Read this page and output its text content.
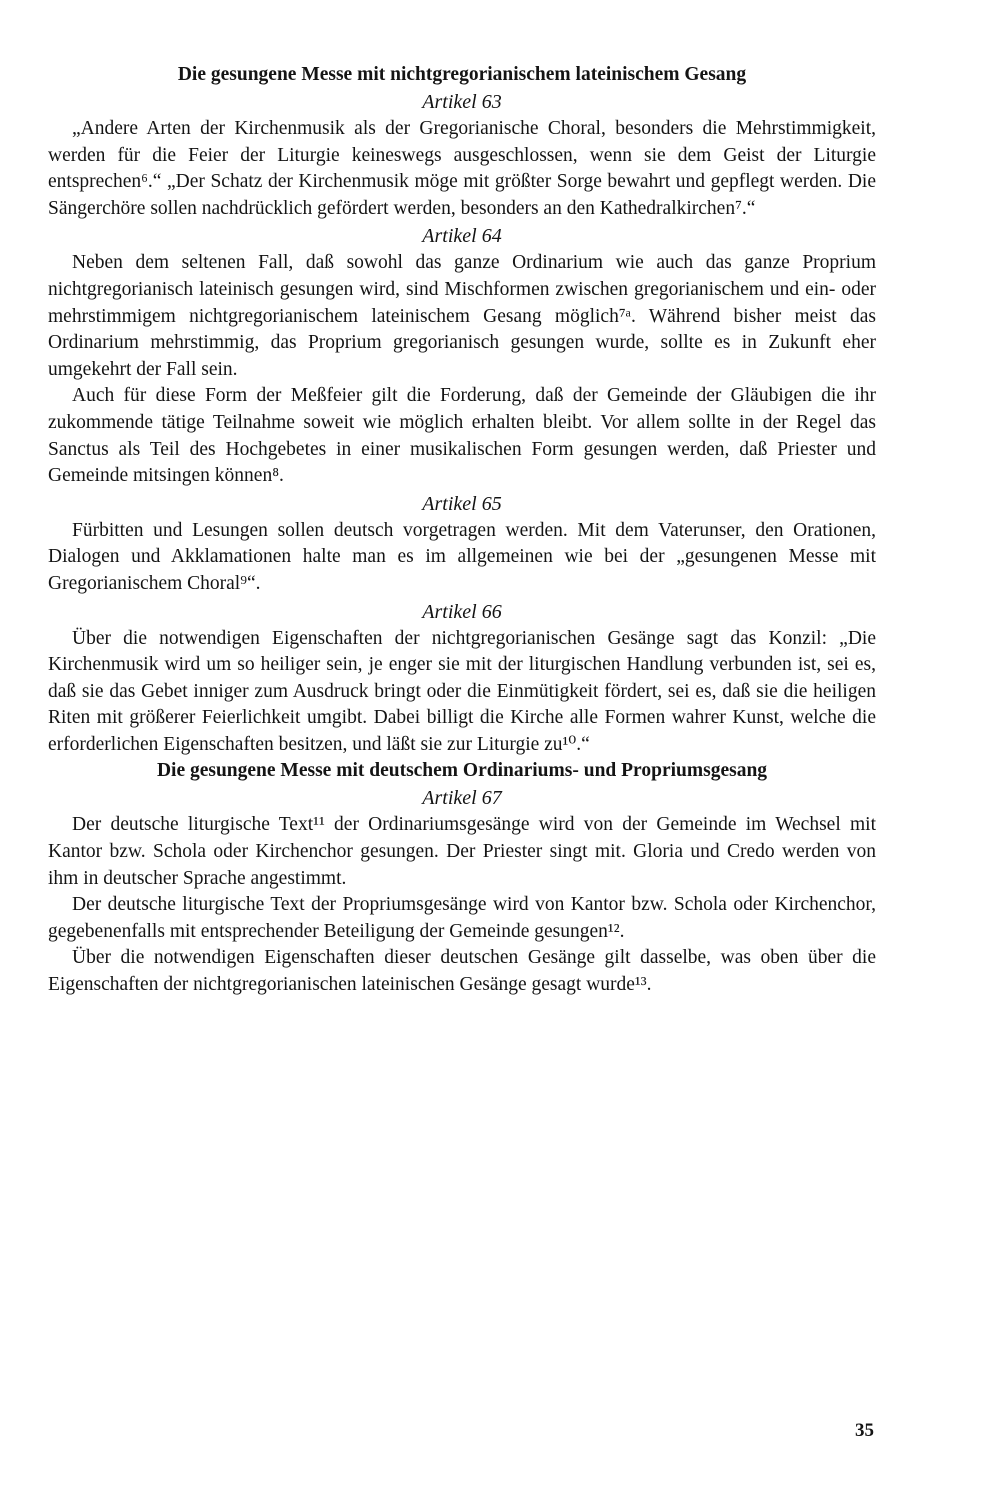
Die gesungene Messe mit nichtgregorianischem lateinischem Gesang
Artikel 63

„Andere Arten der Kirchenmusik als der Gregorianische Choral, besonders die Mehrstimmigkeit, werden für die Feier der Liturgie keineswegs ausgeschlossen, wenn sie dem Geist der Liturgie entsprechen⁶.“ „Der Schatz der Kirchenmusik möge mit größter Sorge bewahrt und gepflegt werden. Die Sängerchöre sollen nachdrücklich gefördert werden, besonders an den Kathedralkirchen⁷.“

Artikel 64

Neben dem seltenen Fall, daß sowohl das ganze Ordinarium wie auch das ganze Proprium nichtgregorianisch lateinisch gesungen wird, sind Mischformen zwischen gregorianischem und ein- oder mehrstimmigem nichtgregorianischem lateinischem Gesang möglich⁷ᵃ. Während bisher meist das Ordinarium mehrstimmig, das Proprium gregorianisch gesungen wurde, sollte es in Zukunft eher umgekehrt der Fall sein.

Auch für diese Form der Meßfeier gilt die Forderung, daß der Gemeinde der Gläubigen die ihr zukommende tätige Teilnahme soweit wie möglich erhalten bleibt. Vor allem sollte in der Regel das Sanctus als Teil des Hochgebetes in einer musikalischen Form gesungen werden, daß Priester und Gemeinde mitsingen können⁸.

Artikel 65

Fürbitten und Lesungen sollen deutsch vorgetragen werden. Mit dem Vaterunser, den Orationen, Dialogen und Akklamationen halte man es im allgemeinen wie bei der „gesungenen Messe mit Gregorianischem Choral⁹“.

Artikel 66

Über die notwendigen Eigenschaften der nichtgregorianischen Gesänge sagt das Konzil: „Die Kirchenmusik wird um so heiliger sein, je enger sie mit der liturgischen Handlung verbunden ist, sei es, daß sie das Gebet inniger zum Ausdruck bringt oder die Einmütigkeit fördert, sei es, daß sie die heiligen Riten mit größerer Feierlichkeit umgibt. Dabei billigt die Kirche alle Formen wahrer Kunst, welche die erforderlichen Eigenschaften besitzen, und läßt sie zur Liturgie zu¹⁰.“

Die gesungene Messe mit deutschem Ordinariums- und Propriumsgesang
Artikel 67

Der deutsche liturgische Text¹¹ der Ordinariumsgesänge wird von der Gemeinde im Wechsel mit Kantor bzw. Schola oder Kirchenchor gesungen. Der Priester singt mit. Gloria und Credo werden von ihm in deutscher Sprache angestimmt.

Der deutsche liturgische Text der Propriumsgesänge wird von Kantor bzw. Schola oder Kirchenchor, gegebenenfalls mit entsprechender Beteiligung der Gemeinde gesungen¹².

Über die notwendigen Eigenschaften dieser deutschen Gesänge gilt dasselbe, was oben über die Eigenschaften der nichtgregorianischen lateinischen Gesänge gesagt wurde¹³.

35
